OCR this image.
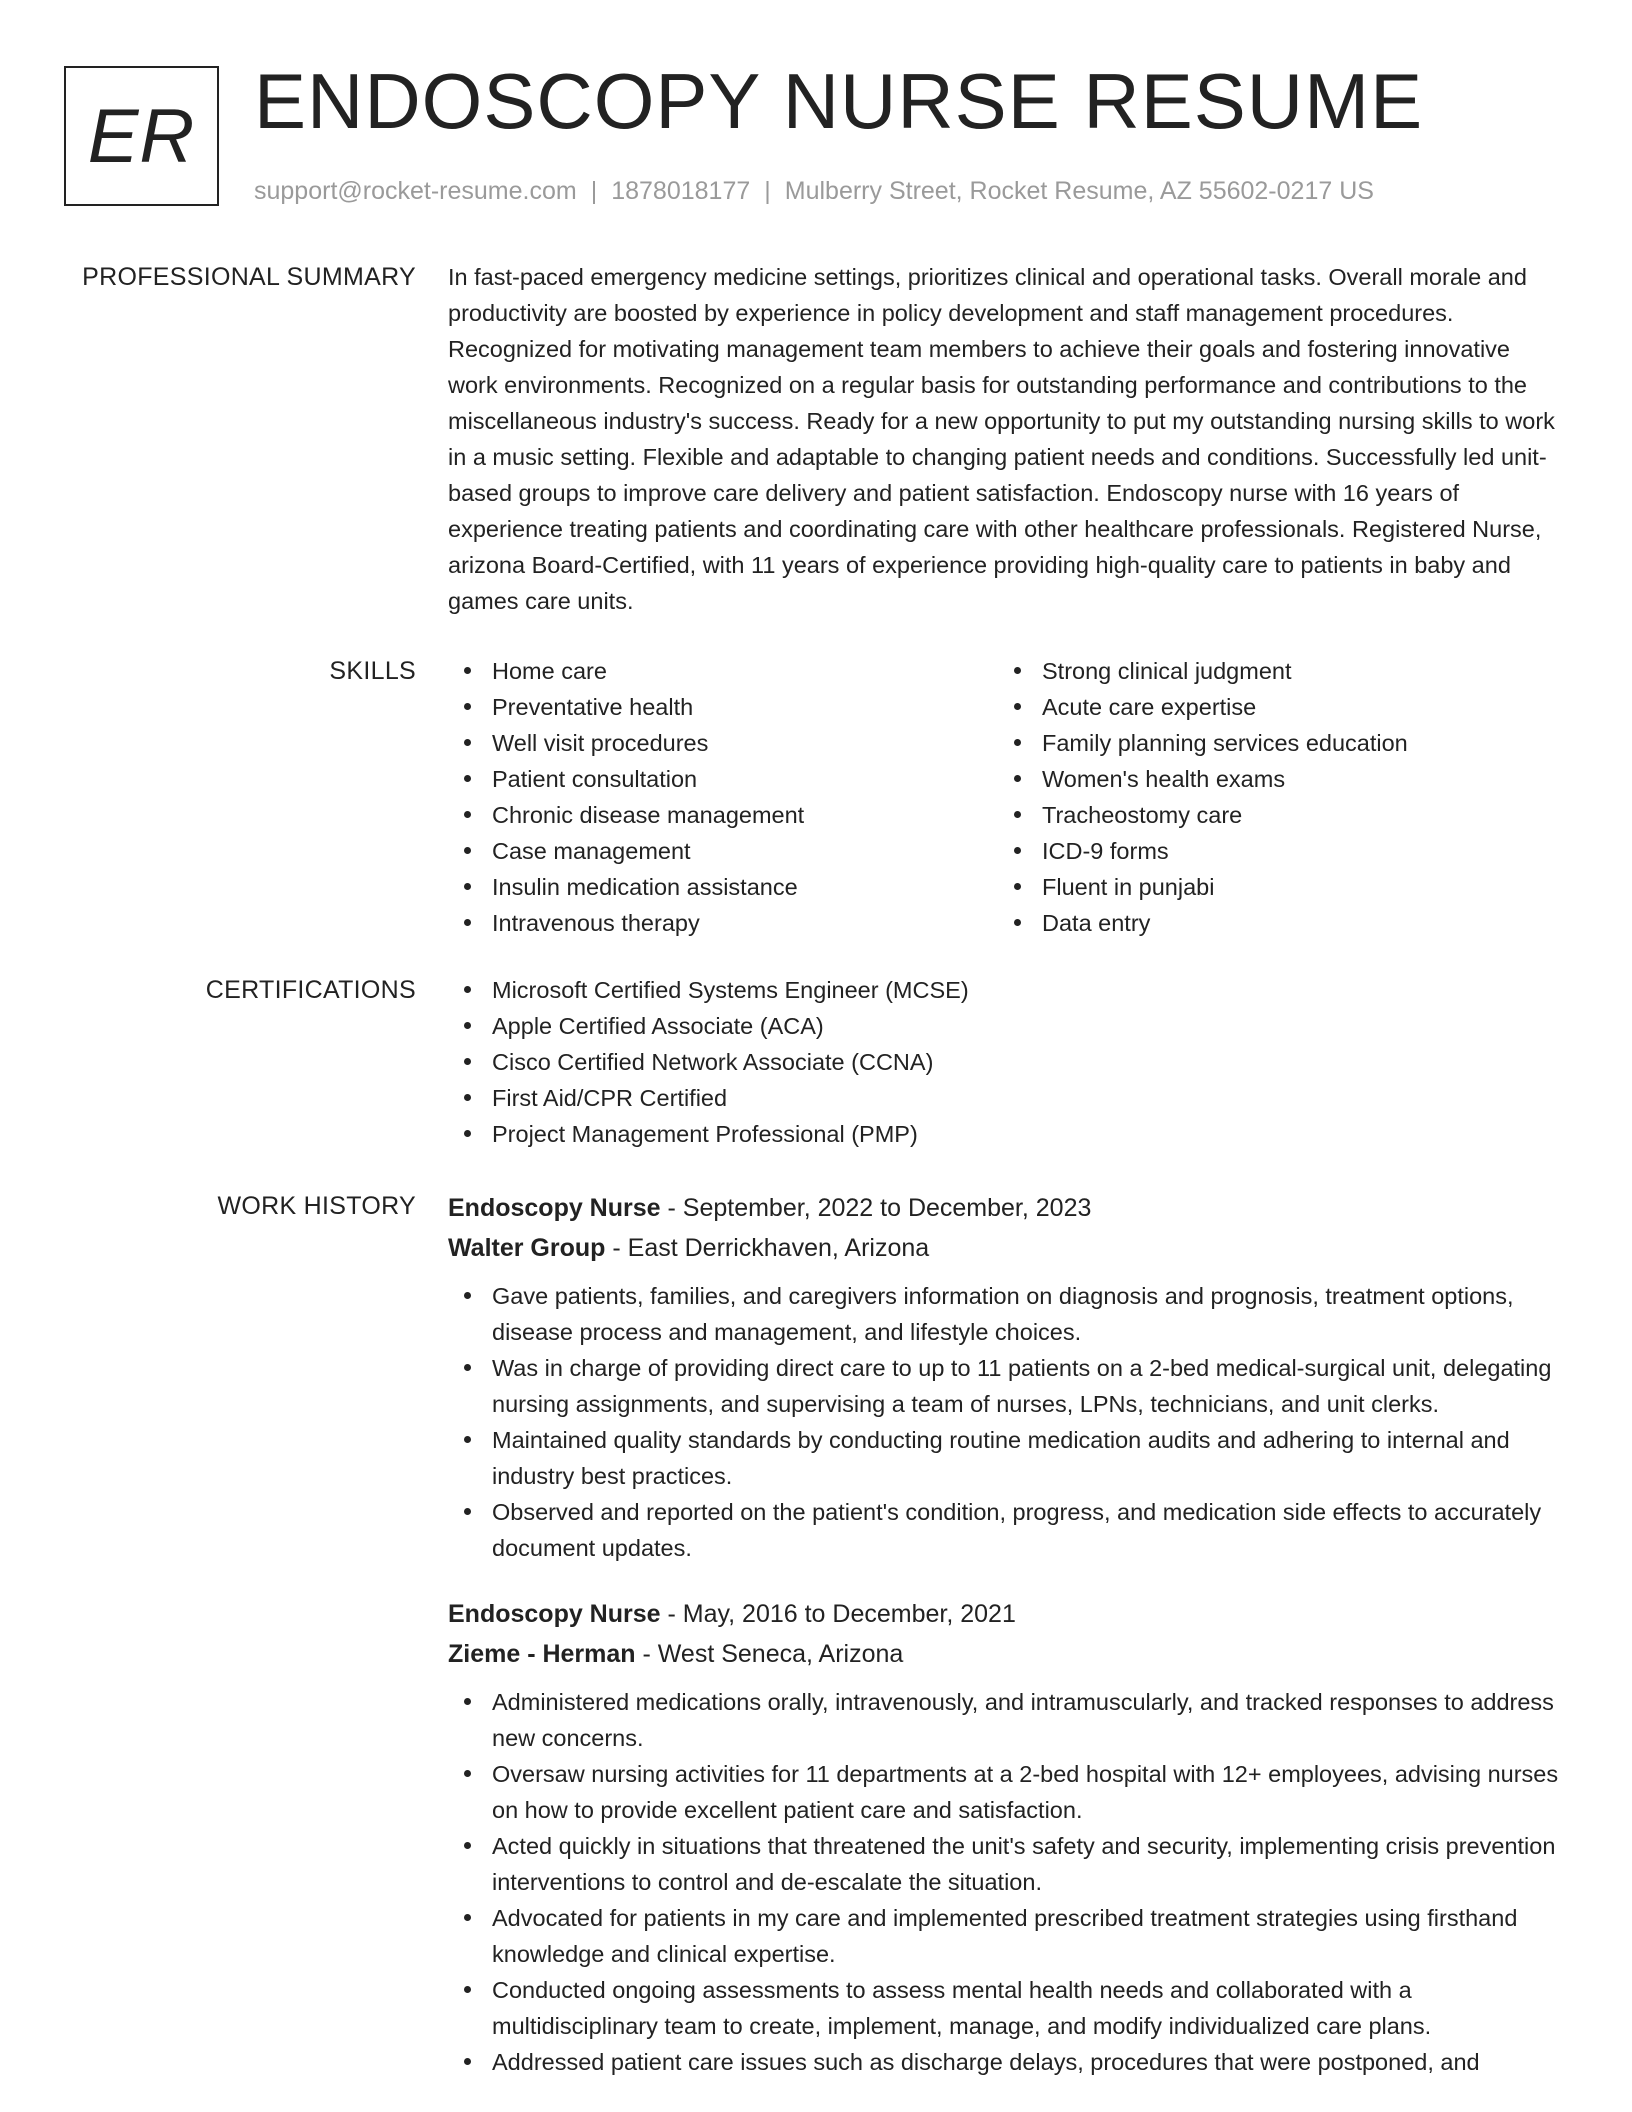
ER ENDOSCOPY NURSE RESUME
support@rocket-resume.com | 1878018177 | Mulberry Street, Rocket Resume, AZ 55602-0217 US
PROFESSIONAL SUMMARY In fast-paced emergency medicine settings, prioritizes clinical and operational tasks. Overall morale and productivity are boosted by experience in policy development and staff management procedures. Recognized for motivating management team members to achieve their goals and fostering innovative work environments. Recognized on a regular basis for outstanding performance and contributions to the miscellaneous industry's success. Ready for a new opportunity to put my outstanding nursing skills to work in a music setting. Flexible and adaptable to changing patient needs and conditions. Successfully led unit-based groups to improve care delivery and patient satisfaction. Endoscopy nurse with 16 years of experience treating patients and coordinating care with other healthcare professionals. Registered Nurse, arizona Board-Certified, with 11 years of experience providing high-quality care to patients in baby and games care units.

SKILLS	Home care
Preventative health
Well visit procedures
Patient consultation
Chronic disease management
Case management
Insulin medication assistance
Intravenous therapy
Strong clinical judgment
Acute care expertise
Family planning services education
Women's health exams
Tracheostomy care
ICD-9 forms
Fluent in punjabi
Data entry
CERTIFICATIONS	Microsoft Certified Systems Engineer (MCSE)
Apple Certified Associate (ACA)
Cisco Certified Network Associate (CCNA)
First Aid/CPR Certified
Project Management Professional (PMP)
WORK HISTORY Endoscopy Nurse - September, 2022 to December, 2023
Walter Group - East Derrickhaven, Arizona
Gave patients, families, and caregivers information on diagnosis and prognosis, treatment options, disease process and management, and lifestyle choices.
Was in charge of providing direct care to up to 11 patients on a 2-bed medical-surgical unit, delegating nursing assignments, and supervising a team of nurses, LPNs, technicians, and unit clerks.
Maintained quality standards by conducting routine medication audits and adhering to internal and industry best practices.
Observed and reported on the patient's condition, progress, and medication side effects to accurately document updates.
Endoscopy Nurse - May, 2016 to December, 2021
Zieme - Herman - West Seneca, Arizona
Administered medications orally, intravenously, and intramuscularly, and tracked responses to address new concerns.
Oversaw nursing activities for 11 departments at a 2-bed hospital with 12+ employees, advising nurses on how to provide excellent patient care and satisfaction.
Acted quickly in situations that threatened the unit's safety and security, implementing crisis prevention interventions to control and de-escalate the situation.
Advocated for patients in my care and implemented prescribed treatment strategies using firsthand knowledge and clinical expertise.
Conducted ongoing assessments to assess mental health needs and collaborated with a multidisciplinary team to create, implement, manage, and modify individualized care plans.
Addressed patient care issues such as discharge delays, procedures that were postponed, and
